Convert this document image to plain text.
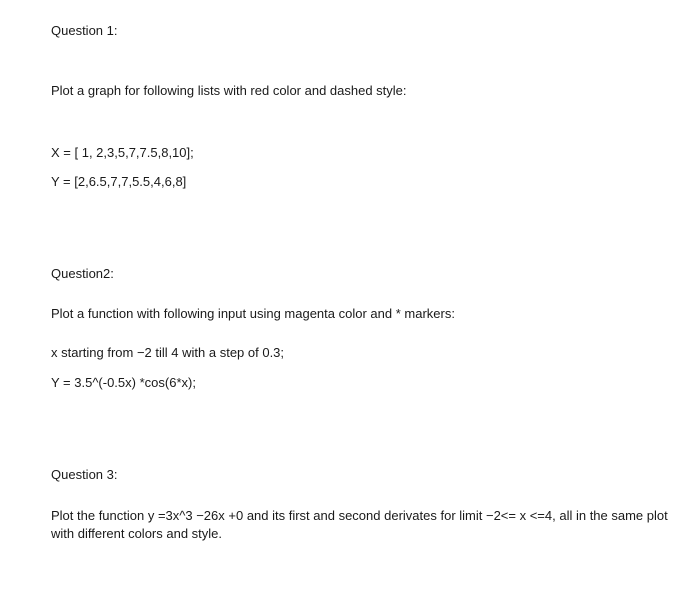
Question 1:
Plot a graph for following lists with red color and dashed style:
X = [ 1, 2,3,5,7,7.5,8,10];
Y = [2,6.5,7,7,5.5,4,6,8]
Question2:
Plot a function with following input using magenta color and * markers:
x starting from −2 till 4 with a step of 0.3;
Y = 3.5^(-0.5x) *cos(6*x);
Question 3:
Plot the function y =3x^3 −26x +0 and its first and second derivates for limit −2<= x <=4, all in the same plot with different colors and style.
